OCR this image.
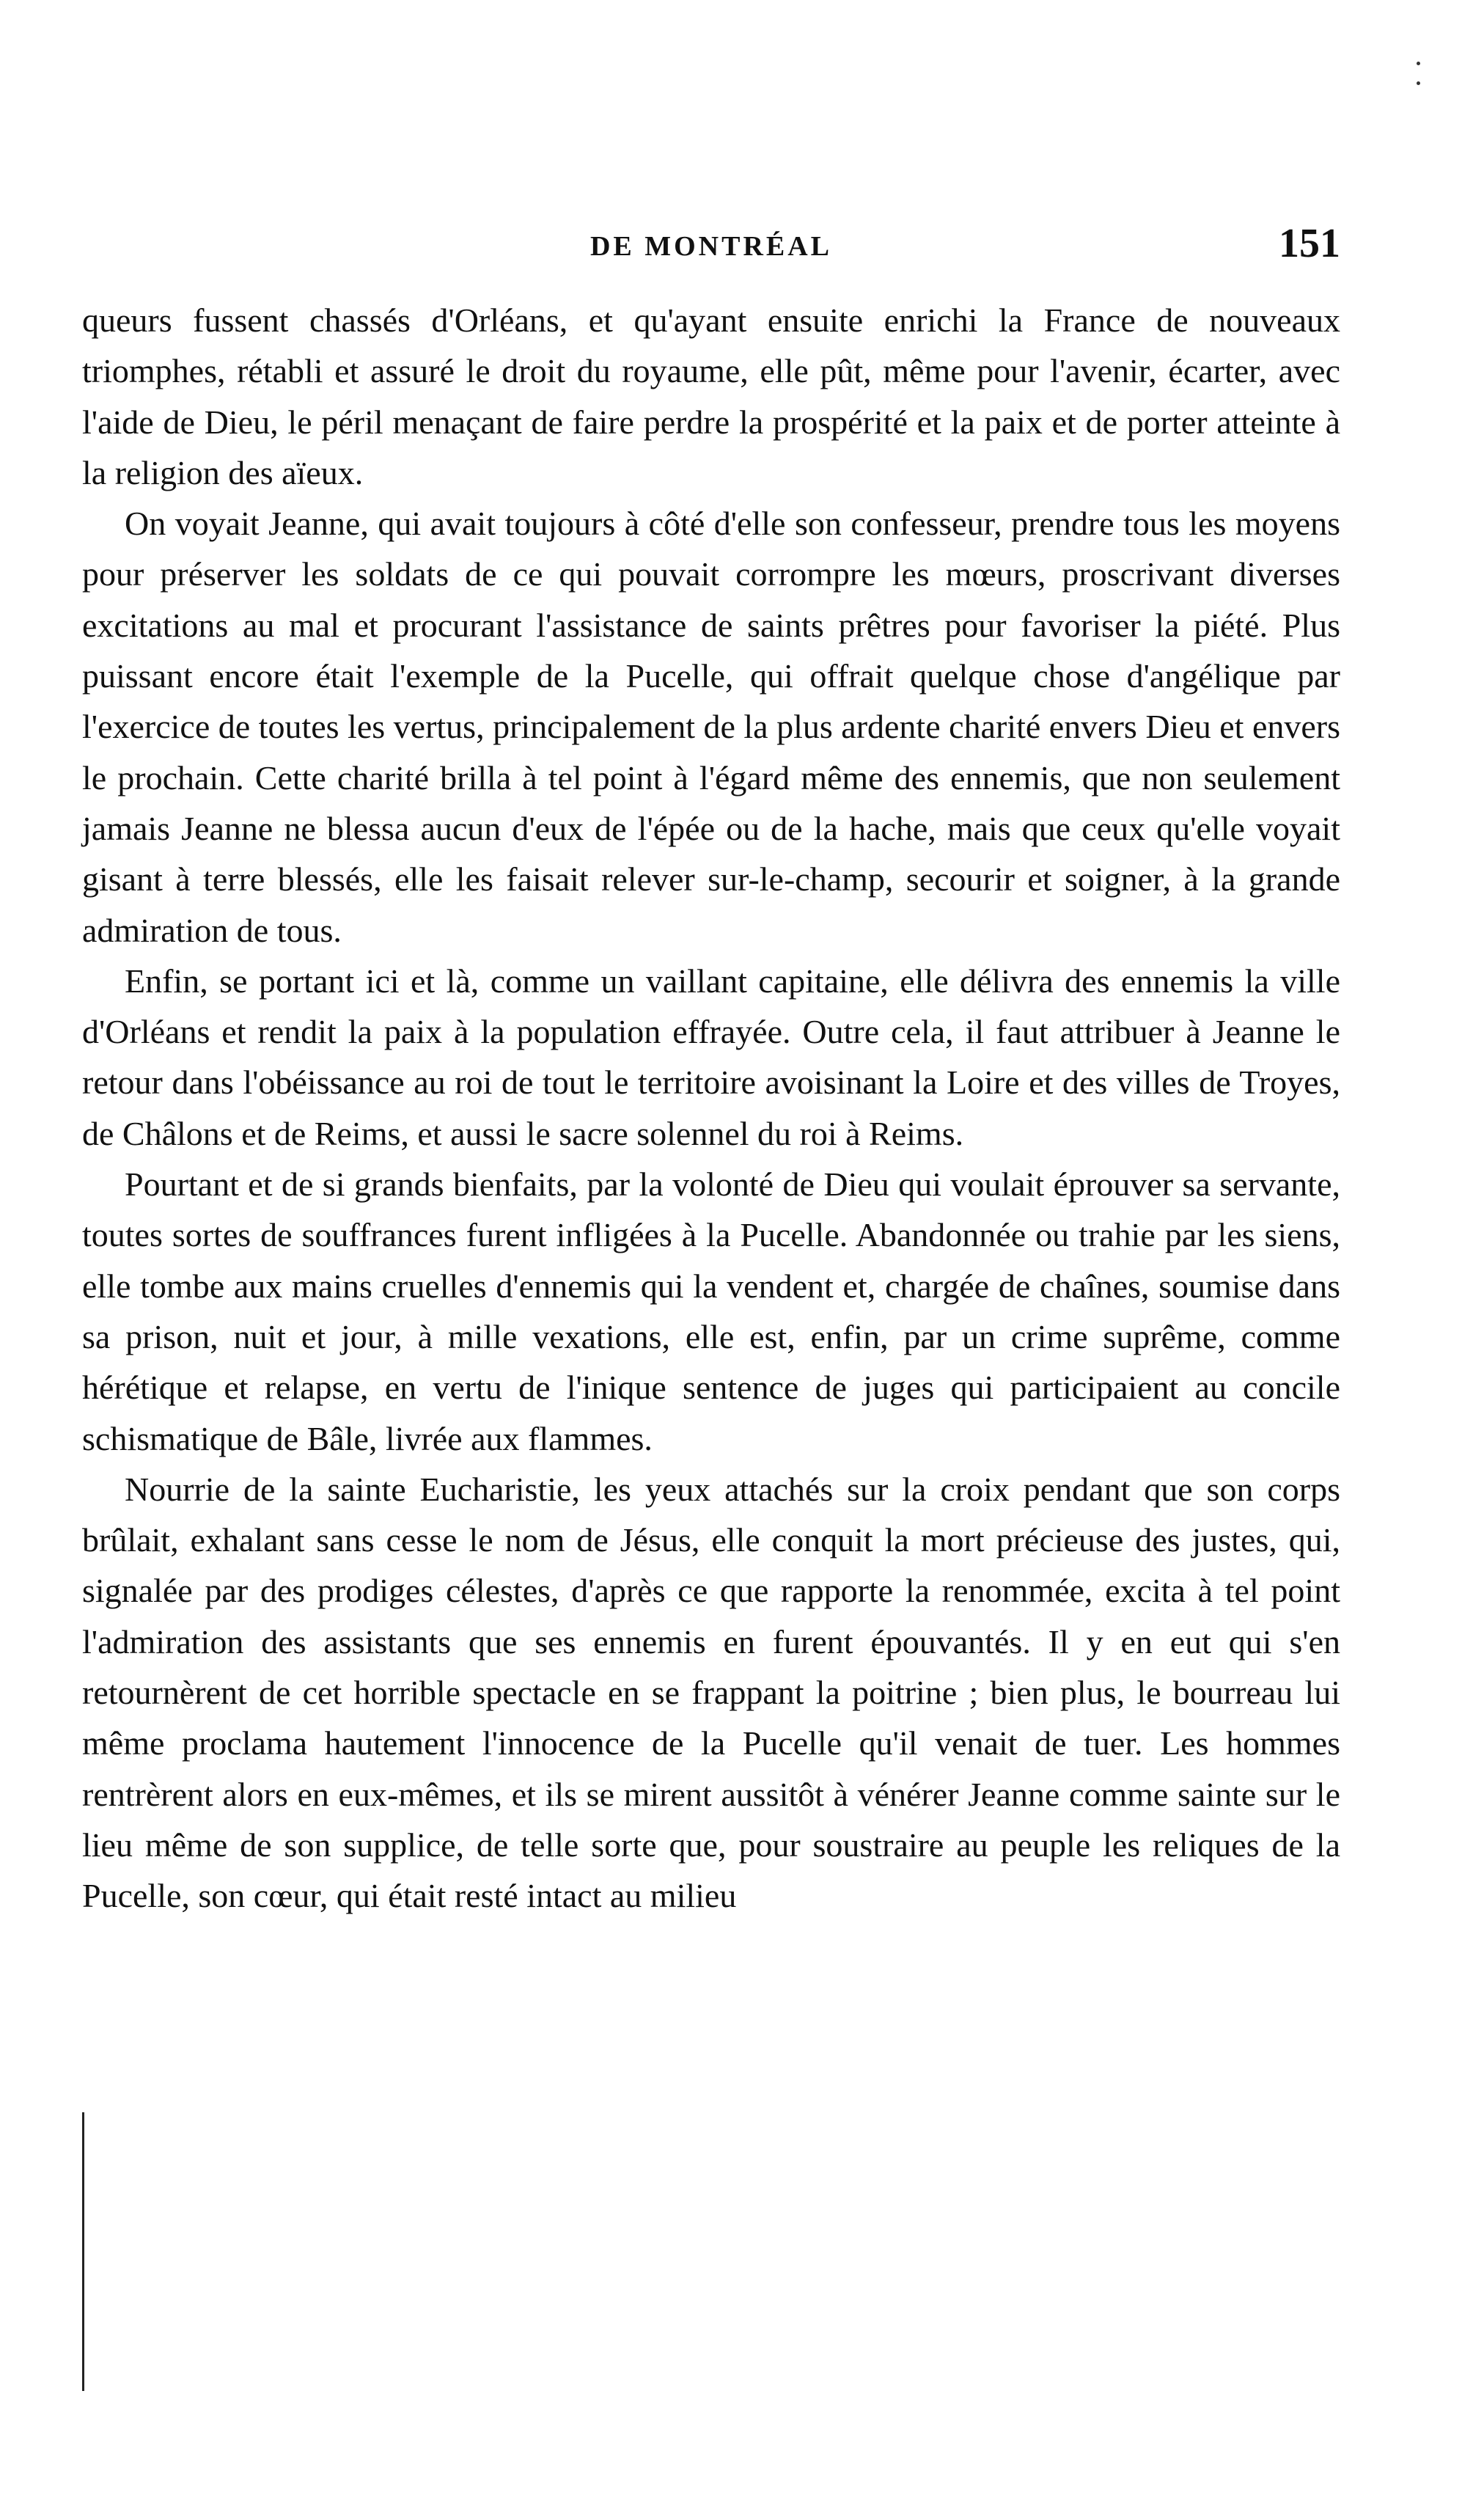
DE MONTRÉAL	151

queurs fussent chassés d'Orléans, et qu'ayant ensuite enrichi la France de nouveaux triomphes, rétabli et assuré le droit du royaume, elle pût, même pour l'avenir, écarter, avec l'aide de Dieu, le péril menaçant de faire perdre la prospérité et la paix et de porter atteinte à la religion des aïeux.

On voyait Jeanne, qui avait toujours à côté d'elle son confesseur, prendre tous les moyens pour préserver les soldats de ce qui pouvait corrompre les mœurs, proscrivant diverses excitations au mal et procurant l'assistance de saints prêtres pour favoriser la piété. Plus puissant encore était l'exemple de la Pucelle, qui offrait quelque chose d'angélique par l'exercice de toutes les vertus, principalement de la plus ardente charité envers Dieu et envers le prochain. Cette charité brilla à tel point à l'égard même des ennemis, que non seulement jamais Jeanne ne blessa aucun d'eux de l'épée ou de la hache, mais que ceux qu'elle voyait gisant à terre blessés, elle les faisait relever sur-le-champ, secourir et soigner, à la grande admiration de tous.

Enfin, se portant ici et là, comme un vaillant capitaine, elle délivra des ennemis la ville d'Orléans et rendit la paix à la population effrayée. Outre cela, il faut attribuer à Jeanne le retour dans l'obéissance au roi de tout le territoire avoisinant la Loire et des villes de Troyes, de Châlons et de Reims, et aussi le sacre solennel du roi à Reims.

Pourtant et de si grands bienfaits, par la volonté de Dieu qui voulait éprouver sa servante, toutes sortes de souffrances furent infligées à la Pucelle. Abandonnée ou trahie par les siens, elle tombe aux mains cruelles d'ennemis qui la vendent et, chargée de chaînes, soumise dans sa prison, nuit et jour, à mille vexations, elle est, enfin, par un crime suprême, comme hérétique et relapse, en vertu de l'inique sentence de juges qui participaient au concile schismatique de Bâle, livrée aux flammes.

Nourrie de la sainte Eucharistie, les yeux attachés sur la croix pendant que son corps brûlait, exhalant sans cesse le nom de Jésus, elle conquit la mort précieuse des justes, qui, signalée par des prodiges célestes, d'après ce que rapporte la renommée, excita à tel point l'admiration des assistants que ses ennemis en furent épouvantés. Il y en eut qui s'en retournèrent de cet horrible spectacle en se frappant la poitrine ; bien plus, le bourreau lui même proclama hautement l'innocence de la Pucelle qu'il venait de tuer. Les hommes rentrèrent alors en eux-mêmes, et ils se mirent aussitôt à vénérer Jeanne comme sainte sur le lieu même de son supplice, de telle sorte que, pour soustraire au peuple les reliques de la Pucelle, son cœur, qui était resté intact au milieu
